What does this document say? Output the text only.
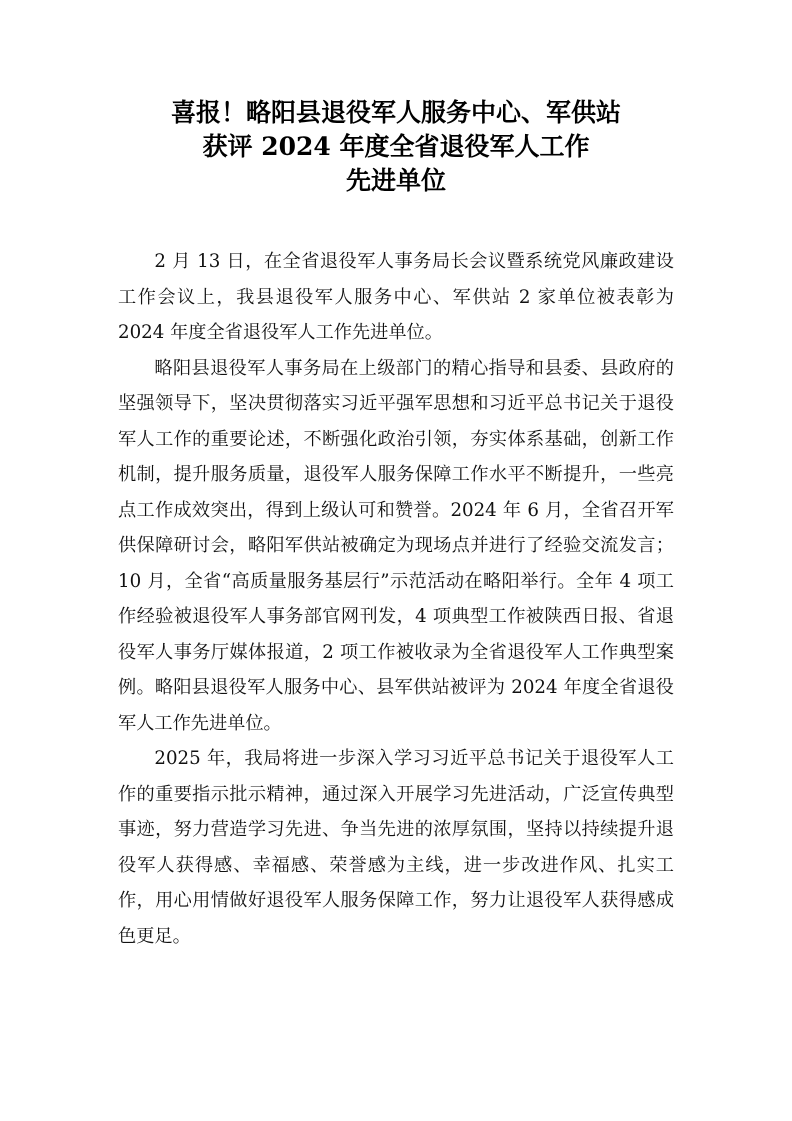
喜报！略阳县退役军人服务中心、军供站
获评 2024 年度全省退役军人工作
先进单位

2 月 13 日，在全省退役军人事务局长会议暨系统党风廉政建设工作会议上，我县退役军人服务中心、军供站 2 家单位被表彰为 2024 年度全省退役军人工作先进单位。

略阳县退役军人事务局在上级部门的精心指导和县委、县政府的坚强领导下，坚决贯彻落实习近平强军思想和习近平总书记关于退役军人工作的重要论述，不断强化政治引领，夯实体系基础，创新工作机制，提升服务质量，退役军人服务保障工作水平不断提升，一些亮点工作成效突出，得到上级认可和赞誉。2024 年 6 月，全省召开军供保障研讨会，略阳军供站被确定为现场点并进行了经验交流发言；10 月，全省“高质量服务基层行”示范活动在略阳举行。全年 4 项工作经验被退役军人事务部官网刊发，4 项典型工作被陕西日报、省退役军人事务厅媒体报道，2 项工作被收录为全省退役军人工作典型案例。略阳县退役军人服务中心、县军供站被评为 2024 年度全省退役军人工作先进单位。

2025 年，我局将进一步深入学习习近平总书记关于退役军人工作的重要指示批示精神，通过深入开展学习先进活动，广泛宣传典型事迹，努力营造学习先进、争当先进的浓厚氛围，坚持以持续提升退役军人获得感、幸福感、荣誉感为主线，进一步改进作风、扎实工作，用心用情做好退役军人服务保障工作，努力让退役军人获得感成色更足。
